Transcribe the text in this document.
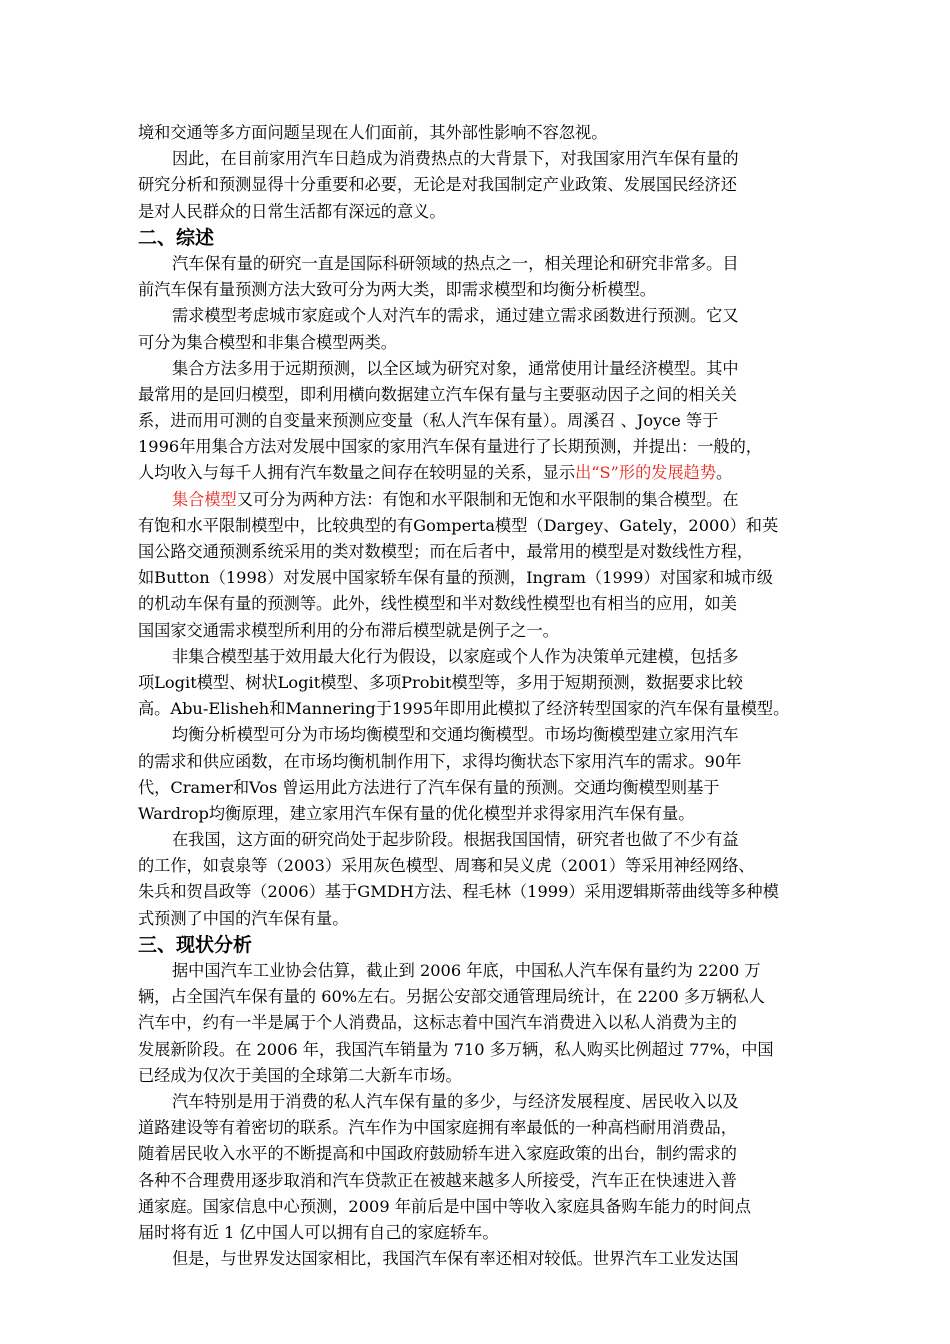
境和交通等多方面问题呈现在人们面前，其外部性影响不容忽视。
因此，在目前家用汽车日趋成为消费热点的大背景下，对我国家用汽车保有量的
研究分析和预测显得十分重要和必要，无论是对我国制定产业政策、发展国民经济还
是对人民群众的日常生活都有深远的意义。
二、综述
汽车保有量的研究一直是国际科研领域的热点之一，相关理论和研究非常多。目
前汽车保有量预测方法大致可分为两大类，即需求模型和均衡分析模型。
需求模型考虑城市家庭或个人对汽车的需求，通过建立需求函数进行预测。它又
可分为集合模型和非集合模型两类。
集合方法多用于远期预测，以全区域为研究对象，通常使用计量经济模型。其中
最常用的是回归模型，即利用横向数据建立汽车保有量与主要驱动因子之间的相关关
系，进而用可测的自变量来预测应变量（私人汽车保有量）。周溪召 、Joyce 等于
1996年用集合方法对发展中国家的家用汽车保有量进行了长期预测，并提出：一般的，
人均收入与每千人拥有汽车数量之间存在较明显的关系，显示出“S”形的发展趋势。
集合模型又可分为两种方法：有饱和水平限制和无饱和水平限制的集合模型。在
有饱和水平限制模型中，比较典型的有Gomperta模型（Dargey、Gately，2000）和英
国公路交通预测系统采用的类对数模型；而在后者中，最常用的模型是对数线性方程，
如Button（1998）对发展中国家轿车保有量的预测，Ingram（1999）对国家和城市级
的机动车保有量的预测等。此外，线性模型和半对数线性模型也有相当的应用，如美
国国家交通需求模型所利用的分布滞后模型就是例子之一。
非集合模型基于效用最大化行为假设，以家庭或个人作为决策单元建模，包括多
项Logit模型、树状Logit模型、多项Probit模型等，多用于短期预测，数据要求比较
高。Abu-Elisheh和Mannering于1995年即用此模拟了经济转型国家的汽车保有量模型。
均衡分析模型可分为市场均衡模型和交通均衡模型。市场均衡模型建立家用汽车
的需求和供应函数，在市场均衡机制作用下，求得均衡状态下家用汽车的需求。90年
代，Cramer和Vos 曾运用此方法进行了汽车保有量的预测。交通均衡模型则基于
Wardrop均衡原理，建立家用汽车保有量的优化模型并求得家用汽车保有量。
在我国，这方面的研究尚处于起步阶段。根据我国国情，研究者也做了不少有益
的工作，如袁泉等（2003）采用灰色模型、周骞和吴义虎（2001）等采用神经网络、
朱兵和贺昌政等（2006）基于GMDH方法、程毛林（1999）采用逻辑斯蒂曲线等多种模
式预测了中国的汽车保有量。
三、现状分析
据中国汽车工业协会估算，截止到 2006 年底，中国私人汽车保有量约为 2200 万
辆，占全国汽车保有量的 60%左右。另据公安部交通管理局统计，在 2200 多万辆私人
汽车中，约有一半是属于个人消费品，这标志着中国汽车消费进入以私人消费为主的
发展新阶段。在 2006 年，我国汽车销量为 710 多万辆，私人购买比例超过 77%，中国
已经成为仅次于美国的全球第二大新车市场。
汽车特别是用于消费的私人汽车保有量的多少，与经济发展程度、居民收入以及
道路建设等有着密切的联系。汽车作为中国家庭拥有率最低的一种高档耐用消费品，
随着居民收入水平的不断提高和中国政府鼓励轿车进入家庭政策的出台，制约需求的
各种不合理费用逐步取消和汽车贷款正在被越来越多人所接受，汽车正在快速进入普
通家庭。国家信息中心预测，2009 年前后是中国中等收入家庭具备购车能力的时间点
届时将有近 1 亿中国人可以拥有自己的家庭轿车。
但是，与世界发达国家相比，我国汽车保有率还相对较低。世界汽车工业发达国
